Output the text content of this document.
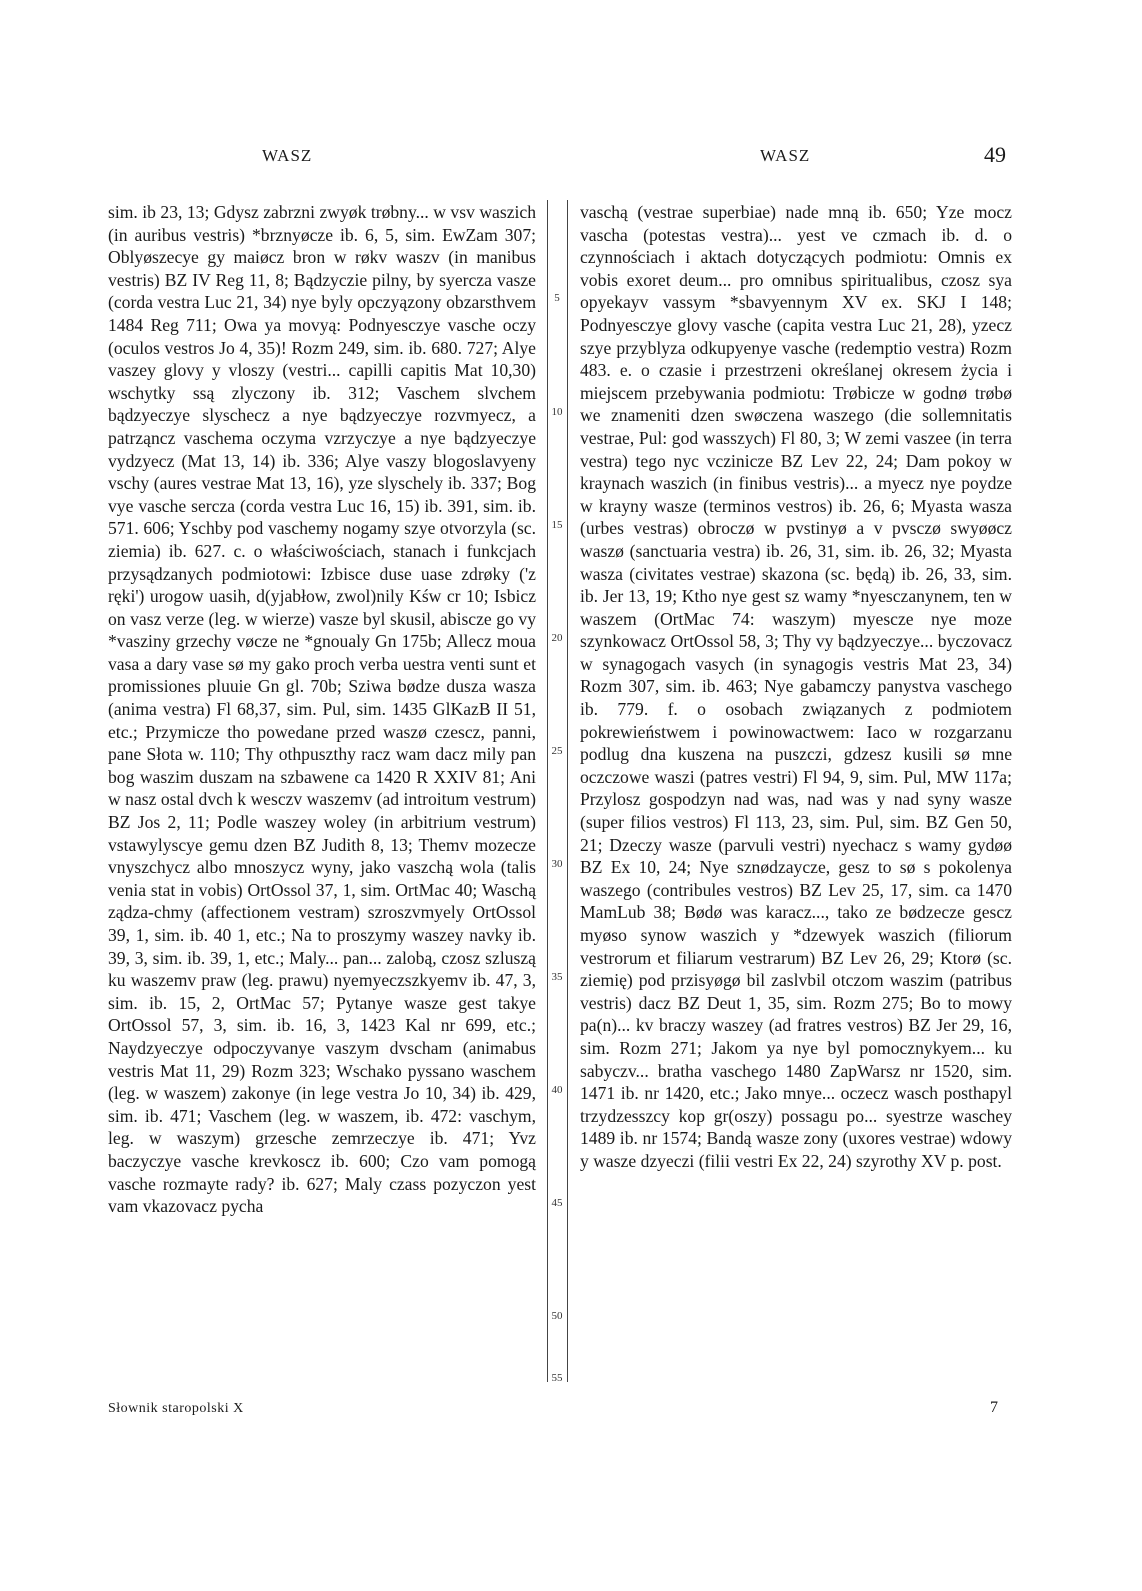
WASZ	WASZ	49

sim. ib 23, 13; Gdysz zabrzni zwyøk trøbny... w vsv waszich (in auribus vestris) *brznyøcze ib. 6, 5, sim. EwZam 307; Oblyøszecye gy maiøcz bron w røkv waszv (in manibus vestris) BZ IV Reg 11, 8; Bądzyczie pilny, by syercza vasze (corda vestra Luc 21, 34) nye byly opczyązony obzarsthvem 1484 Reg 711; Owa ya movyą: Podnyesczye vasche oczy (oculos vestros Jo 4, 35)! Rozm 249, sim. ib. 680. 727; Alye vaszey glovy y vloszy (vestri... capilli capitis Mat 10,30) wschytky ssą zlyczony ib. 312; Vaschem slvchem bądzyeczye slyschecz a nye bądzyeczye rozvmyecz, a patrząncz vaschema oczyma vzrzyczye a nye bądzyeczye vydzyecz (Mat 13, 14) ib. 336; Alye vaszy blogoslavyeny vschy (aures vestrae Mat 13, 16), yze slyschely ib. 337; Bog vye vasche sercza (corda vestra Luc 16, 15) ib. 391, sim. ib. 571. 606; Yschby pod vaschemy nogamy szye otvorzyla (sc. ziemia) ib. 627. c. o właściwościach, stanach i funkcjach przysądzanych podmiotowi: Izbisce duse uase zdrøky ('z ręki') urogow uasih, d(yjabłow, zwol)nily Kśw cr 10; Isbicz on vasz verze (leg. w wierze) vasze byl skusil, abiscze go vy *vasziny grzechy vøcze ne *gnoualy Gn 175b; Allecz moua vasa a dary vase sø my gako proch verba uestra venti sunt et promissiones pluuie Gn gl. 70b; Sziwa bødze dusza wasza (anima vestra) Fl 68,37, sim. Pul, sim. 1435 GlKazB II 51, etc.; Przymicze tho powedane przed waszø czescz, panni, pane Słota w. 110; Thy othpuszthy racz wam dacz mily pan bog waszim duszam na szbawene ca 1420 R XXIV 81; Ani w nasz ostal dvch k wesczv waszemv (ad introitum vestrum) BZ Jos 2, 11; Podle waszey woley (in arbitrium vestrum) vstawylyscye gemu dzen BZ Judith 8, 13; Themv mozecze vnyszchycz albo mnoszycz wyny, jako vaszchą wola (talis venia stat in vobis) OrtOssol 37, 1, sim. OrtMac 40; Waschą ządza-chmy (affectionem vestram) szroszvmyely OrtOssol 39, 1, sim. ib. 40 1, etc.; Na to proszymy waszey navky ib. 39, 3, sim. ib. 39, 1, etc.; Maly... pan... zalobą, czosz szluszą ku waszemv praw (leg. prawu) nyemyeczszkyemv ib. 47, 3, sim. ib. 15, 2, OrtMac 57; Pytanye wasze gest takye OrtOssol 57, 3, sim. ib. 16, 3, 1423 Kal nr 699, etc.; Naydzyeczye odpoczyvanye vaszym dvscham (animabus vestris Mat 11, 29) Rozm 323; Wschako pyssano waschem (leg. w waszem) zakonye (in lege vestra Jo 10, 34) ib. 429, sim. ib. 471; Vaschem (leg. w waszem, ib. 472: vaschym, leg. w waszym) grzesche zemrzeczye ib. 471; Yvz baczyczye vasche krevkoscz ib. 600; Czo vam pomogą vasche rozmayte rady? ib. 627; Maly czass pozyczon yest vam vkazovacz pycha

5
10
15
20
25
30
35
40
45
50
55

vaschą (vestrae superbiae) nade mną ib. 650; Yze mocz vascha (potestas vestra)... yest ve czmach ib. d. o czynnościach i aktach dotyczących podmiotu: Omnis ex vobis exoret deum... pro omnibus spiritualibus, czosz sya opyekayv vassym *sbavyennym XV ex. SKJ I 148; Podnyesczye glovy vasche (capita vestra Luc 21, 28), yzecz szye przyblyza odkupyenye vasche (redemptio vestra) Rozm 483. e. o czasie i przestrzeni określanej okresem życia i miejscem przebywania podmiotu: Trøbicze w godnø trøbø we znameniti dzen swøczena waszego (die sollemnitatis vestrae, Pul: god wasszych) Fl 80, 3; W zemi vaszee (in terra vestra) tego nyc vczinicze BZ Lev 22, 24; Dam pokoy w kraynach waszich (in finibus vestris)... a myecz nye poydze w krayny wasze (terminos vestros) ib. 26, 6; Myasta wasza (urbes vestras) obroczø w pvstinyø a v pvsczø swyøøcz waszø (sanctuaria vestra) ib. 26, 31, sim. ib. 26, 32; Myasta wasza (civitates vestrae) skazona (sc. będą) ib. 26, 33, sim. ib. Jer 13, 19; Ktho nye gest sz wamy *nyesczanynem, ten w waszem (OrtMac 74: waszym) myescze nye moze szynkowacz OrtOssol 58, 3; Thy vy bądzyeczye... byczovacz w synagogach vasych (in synagogis vestris Mat 23, 34) Rozm 307, sim. ib. 463; Nye gabamczy panystva vaschego ib. 779. f. o osobach związanych z podmiotem pokrewieństwem i powinowactwem: Iaco w rozgarzanu podlug dna kuszena na puszczi, gdzesz kusili sø mne oczczowe waszi (patres vestri) Fl 94, 9, sim. Pul, MW 117a; Przylosz gospodzyn nad was, nad was y nad syny wasze (super filios vestros) Fl 113, 23, sim. Pul, sim. BZ Gen 50, 21; Dzeczy wasze (parvuli vestri) nyechacz s wamy gydøø BZ Ex 10, 24; Nye sznødzaycze, gesz to sø s pokolenya waszego (contribules vestros) BZ Lev 25, 17, sim. ca 1470 MamLub 38; Bødø was karacz..., tako ze bødzecze gescz myøso synow waszich y *dzewyek waszich (filiorum vestrorum et filiarum vestrarum) BZ Lev 26, 29; Ktorø (sc. ziemię) pod przisyøgø bil zaslvbil otczom waszim (patribus vestris) dacz BZ Deut 1, 35, sim. Rozm 275; Bo to mowy pa(n)... kv braczy waszey (ad fratres vestros) BZ Jer 29, 16, sim. Rozm 271; Jakom ya nye byl pomocznykyem... ku sabyczv... bratha vaschego 1480 ZapWarsz nr 1520, sim. 1471 ib. nr 1420, etc.; Jako mnye... oczecz wasch posthapyl trzydzesszcy kop gr(oszy) possagu po... syestrze waschey 1489 ib. nr 1574; Bandą wasze zony (uxores vestrae) wdowy y wasze dzyeczi (filii vestri Ex 22, 24) szyrothy XV p. post.

Słownik staropolski X	7
